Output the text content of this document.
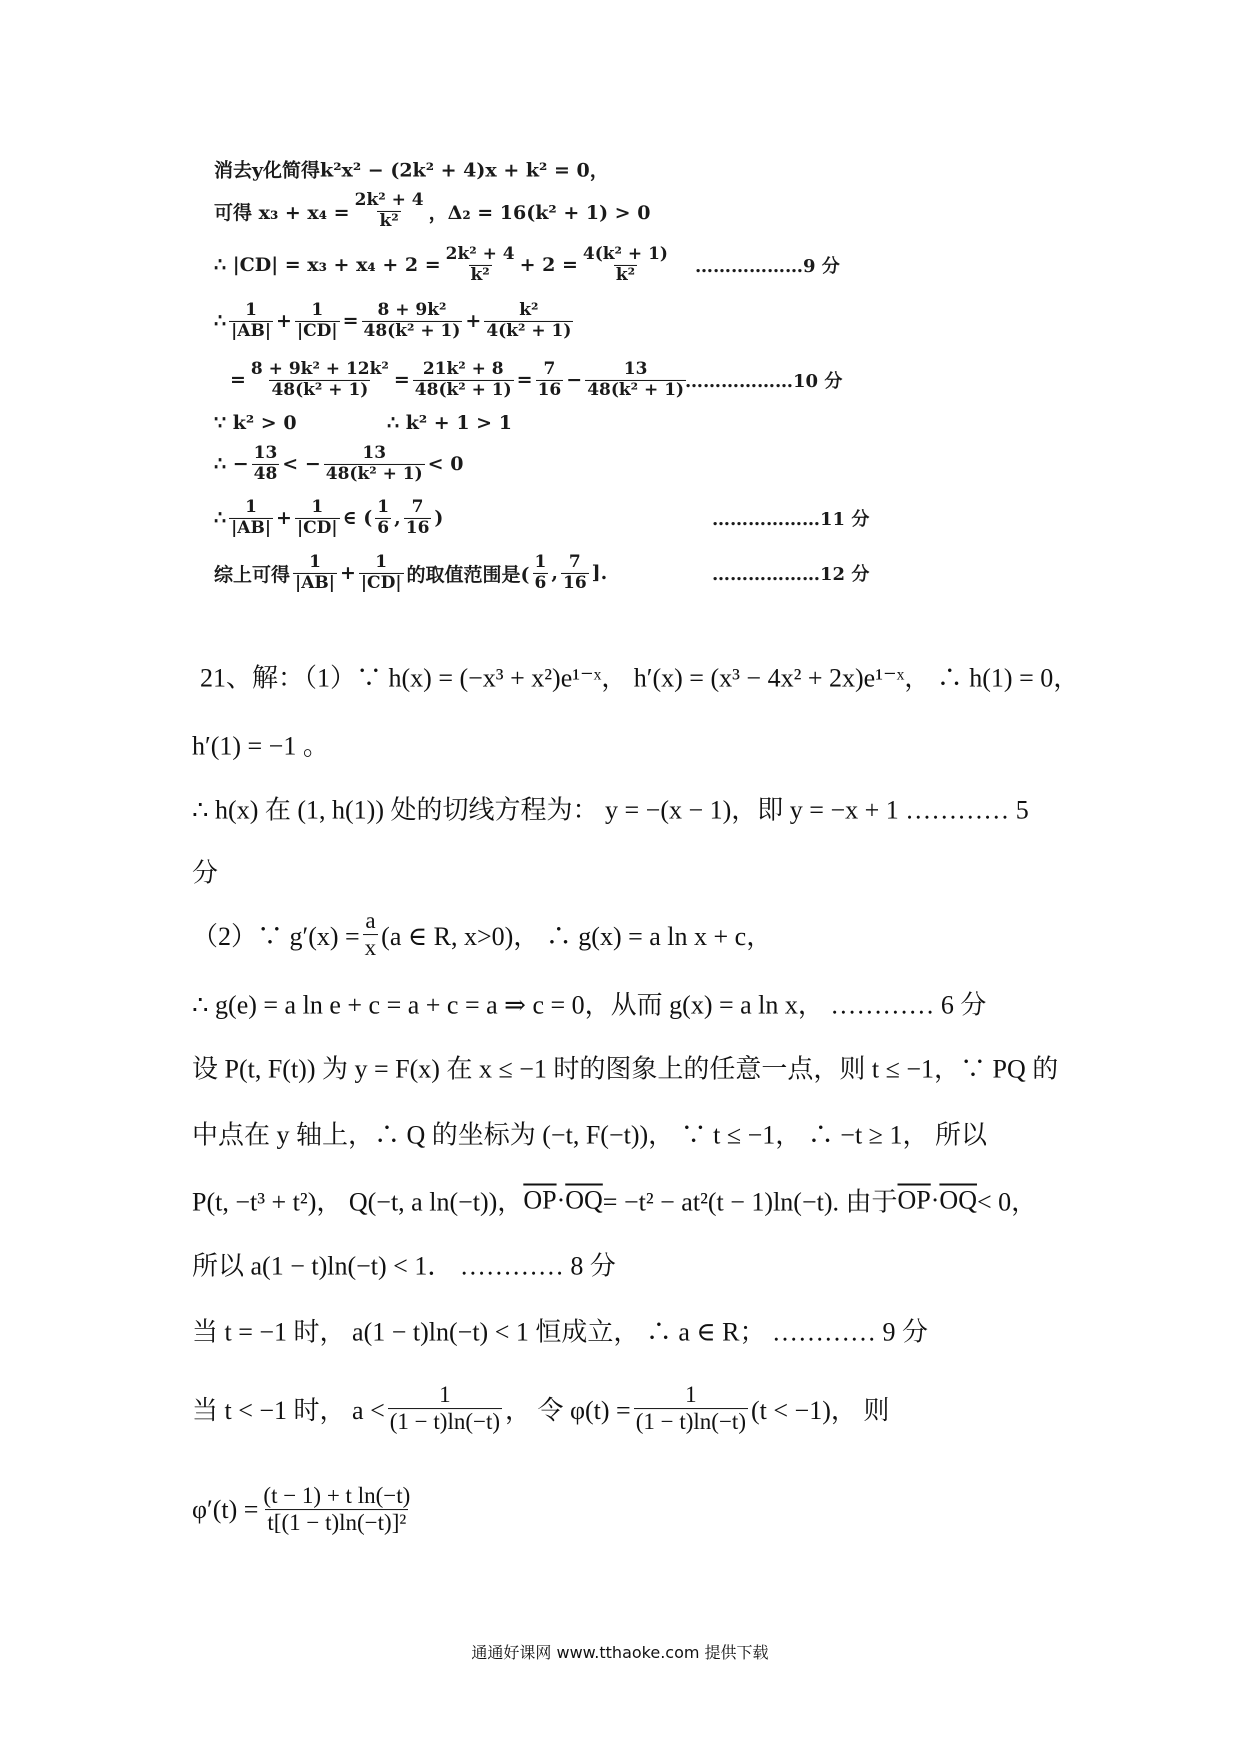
消去y化简得k²x² − (2k² + 4)x + k² = 0，
可得 $x_3 + x_4 = \frac{\text{2k² + 4}}{\text{k²}}$ ，Δ₂ = 16(k² + 1) > 0
∴ $|CD| = x_3 + x_4 + 2 = \frac{\text{2k² + 4}}{\text{k²}} + 2 = \frac{\text{4(k² + 1)}}{\text{k²}}$ ………………9 分
∴ $\frac{1}{|AB|} + \frac{1}{|CD|} = \frac{\text{8 + 9k²}}{\text{48(k² + 1)}} + \frac{\text{k²}}{\text{4(k² + 1)}}$
= $\frac{\text{8 + 9k² + 12k²}}{\text{48(k² + 1)}} = \frac{\text{21k² + 8}}{\text{48(k² + 1)}} = \frac{7}{16} - \frac{13}{\text{48(k² + 1)}}$
………………10 分
∵ k² > 0	∴ k² + 1 > 1
∴ − $\frac{13}{48}$ < − $\frac{13}{\text{48(k² + 1)}} < 0$
∴ $\frac{1}{|AB|} + \frac{1}{|CD|}$ ∈ ( $\frac{1}{6}$ , $\frac{7}{16}$ )	………………11 分
综上可得 $\frac{1}{|AB|} + \frac{1}{|CD|}$ 的取值范围是( $\frac{1}{6}$ , $\frac{7}{16}$ ].	………………12 分
21、解：（1）∵ h(x) = (−x³ + x²)e¹⁻ˣ， h′(x) = (x³ − 4x² + 2x)e¹⁻ˣ， ∴ h(1) = 0，
h′(1) = −1 。
∴ h(x) 在 (1, h(1)) 处的切线方程为： y = −(x − 1)，即 y = −x + 1 ………… 5
分
（2）∵ $g'(x) = \frac{a}{x} (a$ ∈ R, x>0)， ∴ g(x) = a ln x + c，
∴ g(e) = a ln e + c = a + c = a ⇒ c = 0，从而 g(x) = a ln x， ………… 6 分
设 P(t, F(t)) 为 y = F(x) 在 x ≤ −1 时的图象上的任意一点，则 t ≤ −1，∵ PQ 的
中点在 y 轴上，∴ Q 的坐标为 (−t, F(−t))， ∵ t ≤ −1， ∴ −t ≥ 1， 所以
P(t, −t³ + t²)， Q(−t, a ln(−t))， $\overline{OP} \cdot \overline{OQ} = -t^2 - at^2(t - 1)\ln(-t)$. 由于 $\overline{OP} \cdot \overline{OQ} < 0$，
所以 a(1 − t)ln(−t) < 1． ………… 8 分
当 t = −1 时， a(1 − t)ln(−t) < 1 恒成立， ∴ a ∈ R； ………… 9 分
当 t < −1 时， $a < \frac{1}{(1 - t)\ln(-t)}$ ， 令 $\varphi(t) = \frac{1}{(1 - t)\ln(-t)} (t < -1)$， 则
$\varphi'(t) = \frac{\text{(t − 1) + t ln(−t)}}{\text{t[(1 − t)ln(−t)]²}}$
通通好课网 www.tthaoke.com 提供下载
